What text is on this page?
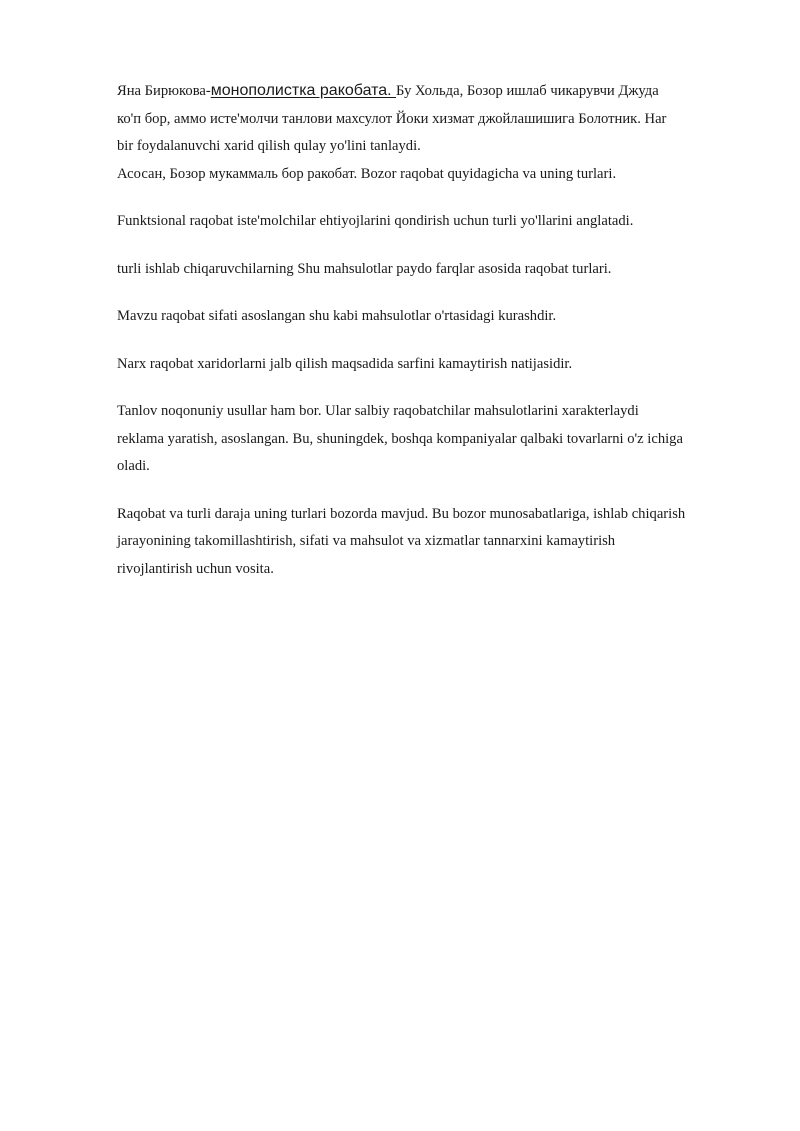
Яна Бирюкова-монополистка ракобата. Бу Хольда, Бозор ишлаб чикарувчи Джуда
ко'п бор, аммо исте'молчи танлови махсулот Йоки хизмат джойлашишига Болотник. Har
bir foydalanuvchi xarid qilish qulay yo'lini tanlaydi.

Асосан, Бозор мукаммаль бор ракобат. Bozor raqobat quyidagicha va uning turlari.

Funktsional raqobat iste'molchilar ehtiyojlarini qondirish uchun turli yo'llarini anglatadi.

turli ishlab chiqaruvchilarning Shu mahsulotlar paydo farqlar asosida raqobat turlari.

Mavzu raqobat sifati asoslangan shu kabi mahsulotlar o'rtasidagi kurashdir.

Narx raqobat xaridorlarni jalb qilish maqsadida sarfini kamaytirish natijasidir.

Tanlov noqonuniy usullar ham bor. Ular salbiy raqobatchilar mahsulotlarini xarakterlaydi
reklama yaratish, asoslangan. Bu, shuningdek, boshqa kompaniyalar qalbaki tovarlarni o'z ichiga
oladi.

Raqobat va turli daraja uning turlari bozorda mavjud. Bu bozor munosabatlariga, ishlab chiqarish
jarayonining takomillashtirish, sifati va mahsulot va xizmatlar tannarxini kamaytirish
rivojlantirish uchun vosita.
